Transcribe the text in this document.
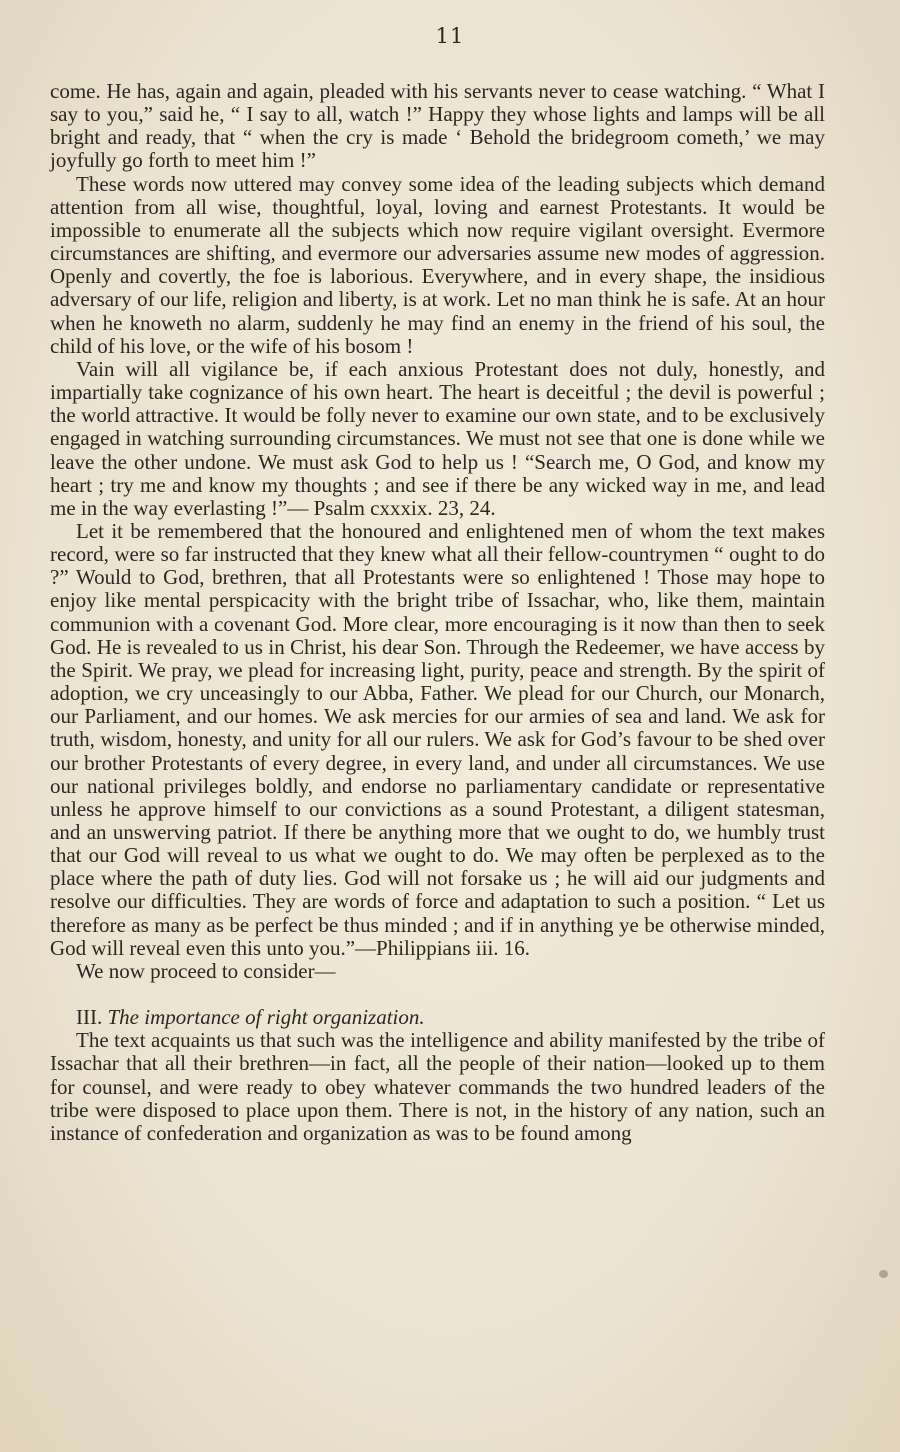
11

come. He has, again and again, pleaded with his servants never to cease watching. “ What I say to you,” said he, “ I say to all, watch !” Happy they whose lights and lamps will be all bright and ready, that “ when the cry is made ‘ Behold the bridegroom cometh,’ we may joyfully go forth to meet him !”

These words now uttered may convey some idea of the leading subjects which demand attention from all wise, thoughtful, loyal, loving and earnest Protestants. It would be impossible to enumerate all the subjects which now require vigilant oversight. Evermore circumstances are shifting, and evermore our adversaries assume new modes of aggression. Openly and covertly, the foe is laborious. Everywhere, and in every shape, the insidious adversary of our life, religion and liberty, is at work. Let no man think he is safe. At an hour when he knoweth no alarm, suddenly he may find an enemy in the friend of his soul, the child of his love, or the wife of his bosom !

Vain will all vigilance be, if each anxious Protestant does not duly, honestly, and impartially take cognizance of his own heart. The heart is deceitful ; the devil is powerful ; the world attractive. It would be folly never to examine our own state, and to be exclusively engaged in watching surrounding circumstances. We must not see that one is done while we leave the other undone. We must ask God to help us ! “Search me, O God, and know my heart ; try me and know my thoughts ; and see if there be any wicked way in me, and lead me in the way everlasting !”— Psalm cxxxix. 23, 24.

Let it be remembered that the honoured and enlightened men of whom the text makes record, were so far instructed that they knew what all their fellow-countrymen “ ought to do ?” Would to God, brethren, that all Protestants were so enlightened ! Those may hope to enjoy like mental perspicacity with the bright tribe of Issachar, who, like them, maintain communion with a covenant God. More clear, more encouraging is it now than then to seek God. He is revealed to us in Christ, his dear Son. Through the Redeemer, we have access by the Spirit. We pray, we plead for increasing light, purity, peace and strength. By the spirit of adoption, we cry unceasingly to our Abba, Father. We plead for our Church, our Monarch, our Parliament, and our homes. We ask mercies for our armies of sea and land. We ask for truth, wisdom, honesty, and unity for all our rulers. We ask for God’s favour to be shed over our brother Protestants of every degree, in every land, and under all circumstances. We use our national privileges boldly, and endorse no parliamentary candidate or representative unless he approve himself to our convictions as a sound Protestant, a diligent statesman, and an unswerving patriot. If there be anything more that we ought to do, we humbly trust that our God will reveal to us what we ought to do. We may often be perplexed as to the place where the path of duty lies. God will not forsake us ; he will aid our judgments and resolve our difficulties. They are words of force and adaptation to such a position. “ Let us therefore as many as be perfect be thus minded ; and if in anything ye be otherwise minded, God will reveal even this unto you.”—Philippians iii. 16.

We now proceed to consider—

III. The importance of right organization.

The text acquaints us that such was the intelligence and ability manifested by the tribe of Issachar that all their brethren—in fact, all the people of their nation—looked up to them for counsel, and were ready to obey whatever commands the two hundred leaders of the tribe were disposed to place upon them. There is not, in the history of any nation, such an instance of confederation and organization as was to be found among
